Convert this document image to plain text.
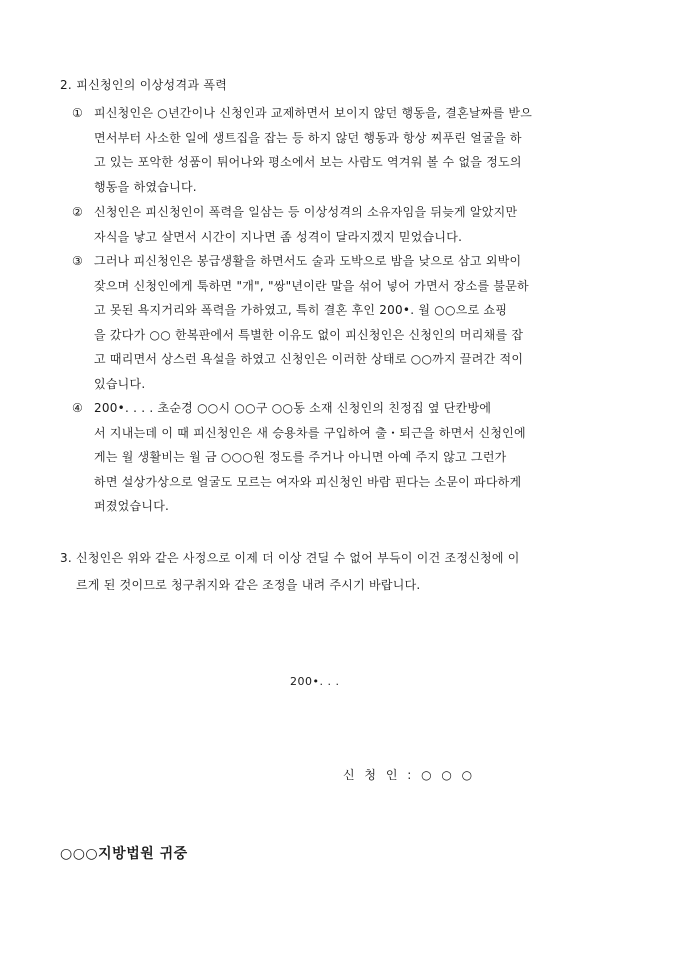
2. 피신청인의 이상성격과 폭력
① 피신청인은 ○년간이나 신청인과 교제하면서 보이지 않던 행동을, 결혼날짜를 받으
면서부터 사소한 일에 생트집을 잡는 등 하지 않던 행동과 항상 찌푸린 얼굴을 하
고 있는 포악한 성품이 튀어나와 평소에서 보는 사람도 역겨워 볼 수 없을 정도의
행동을 하였습니다.
② 신청인은 피신청인이 폭력을 일삼는 등 이상성격의 소유자임을 뒤늦게 알았지만
자식을 낳고 살면서 시간이 지나면 좀 성격이 달라지겠지 믿었습니다.
③ 그러나 피신청인은 봉급생활을 하면서도 술과 도박으로 밤을 낮으로 삼고 외박이
잦으며 신청인에게 툭하면 "개", "쌍"년이란 말을 섞어 넣어 가면서 장소를 불문하
고 못된 욕지거리와 폭력을 가하였고, 특히 결혼 후인 200•. 월 ○○으로 쇼핑
을 갔다가 ○○ 한복판에서 특별한 이유도 없이 피신청인은 신청인의 머리채를 잡
고 때리면서 상스런 욕설을 하였고 신청인은 이러한 상태로 ○○까지 끌려간 적이
있습니다.
④ 200•. . . . 초순경 ○○시 ○○구 ○○동 소재 신청인의 친정집 옆 단칸방에
서 지내는데 이 때 피신청인은 새 승용차를 구입하여 출・퇴근을 하면서 신청인에
게는 월 생활비는 월 금 ○○○원 정도를 주거나 아니면 아예 주지 않고 그런가
하면 설상가상으로 얼굴도 모르는 여자와 피신청인 바람 핀다는 소문이 파다하게
퍼졌었습니다.
3. 신청인은 위와 같은 사정으로 이제 더 이상 견딜 수 없어 부득이 이건 조정신청에 이
르게 된 것이므로 청구취지와 같은 조정을 내려 주시기 바랍니다.
200•. . .
신 청 인 : ○ ○ ○
○○○지방법원 귀중
